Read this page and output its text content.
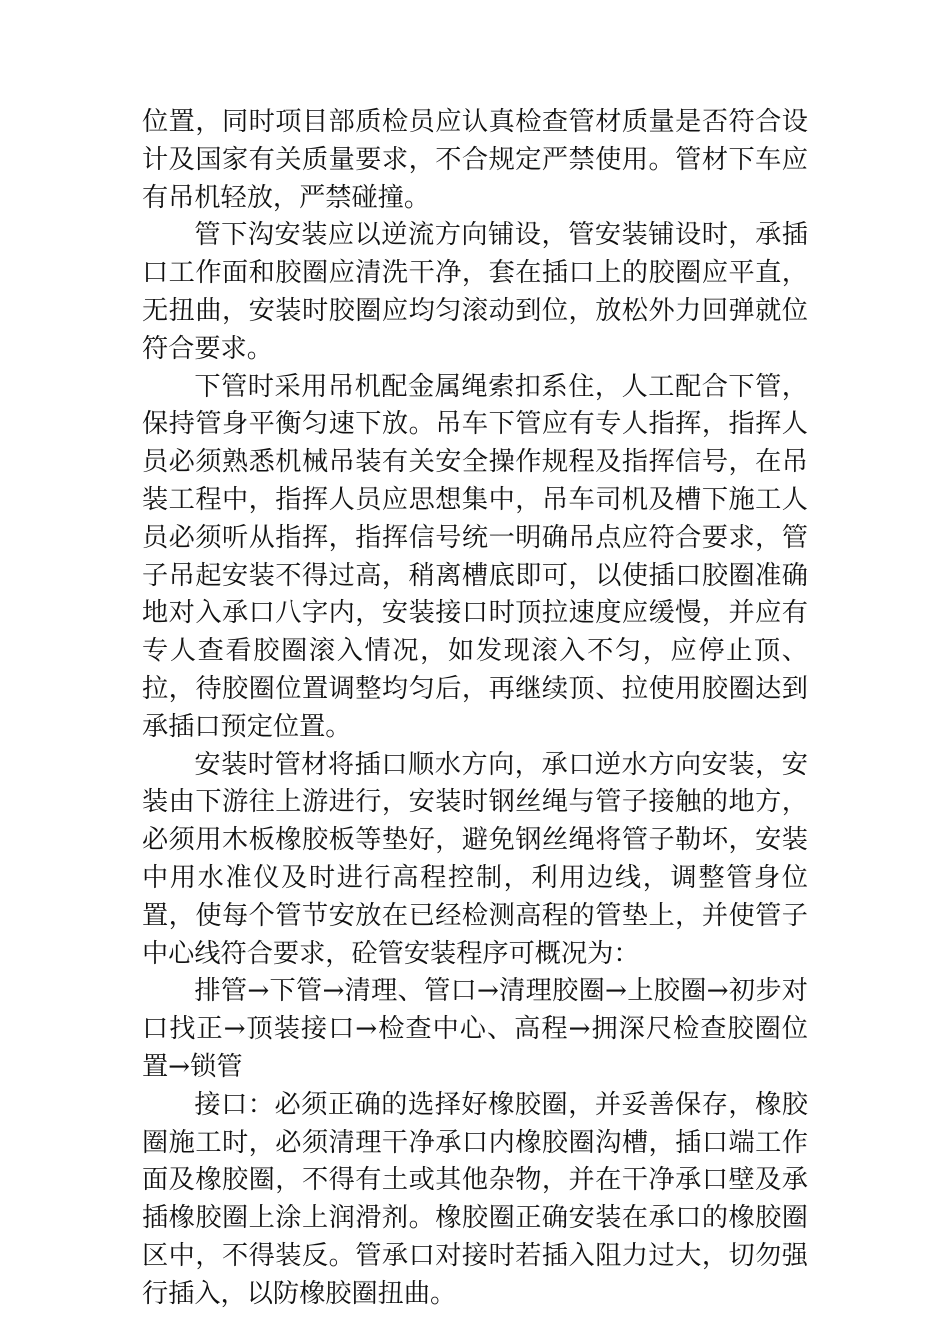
位置，同时项目部质检员应认真检查管材质量是否符合设计及国家有关质量要求，不合规定严禁使用。管材下车应有吊机轻放，严禁碰撞。

管下沟安装应以逆流方向铺设，管安装铺设时，承插口工作面和胶圈应清洗干净，套在插口上的胶圈应平直，无扭曲，安装时胶圈应均匀滚动到位，放松外力回弹就位符合要求。

下管时采用吊机配金属绳索扣系住，人工配合下管，保持管身平衡匀速下放。吊车下管应有专人指挥，指挥人员必须熟悉机械吊装有关安全操作规程及指挥信号，在吊装工程中，指挥人员应思想集中，吊车司机及槽下施工人员必须听从指挥，指挥信号统一明确吊点应符合要求，管子吊起安装不得过高，稍离槽底即可，以使插口胶圈准确地对入承口八字内，安装接口时顶拉速度应缓慢，并应有专人查看胶圈滚入情况，如发现滚入不匀，应停止顶、拉，待胶圈位置调整均匀后，再继续顶、拉使用胶圈达到承插口预定位置。

安装时管材将插口顺水方向，承口逆水方向安装，安装由下游往上游进行，安装时钢丝绳与管子接触的地方，必须用木板橡胶板等垫好，避免钢丝绳将管子勒坏，安装中用水准仪及时进行高程控制，利用边线，调整管身位置，使每个管节安放在已经检测高程的管垫上，并使管子中心线符合要求，砼管安装程序可概况为：

排管→下管→清理、管口→清理胶圈→上胶圈→初步对口找正→顶装接口→检查中心、高程→拥深尺检查胶圈位置→锁管

接口：必须正确的选择好橡胶圈，并妥善保存，橡胶圈施工时，必须清理干净承口内橡胶圈沟槽，插口端工作面及橡胶圈，不得有土或其他杂物，并在干净承口壁及承插橡胶圈上涂上润滑剂。橡胶圈正确安装在承口的橡胶圈区中，不得装反。管承口对接时若插入阻力过大，切勿强行插入，以防橡胶圈扭曲。
